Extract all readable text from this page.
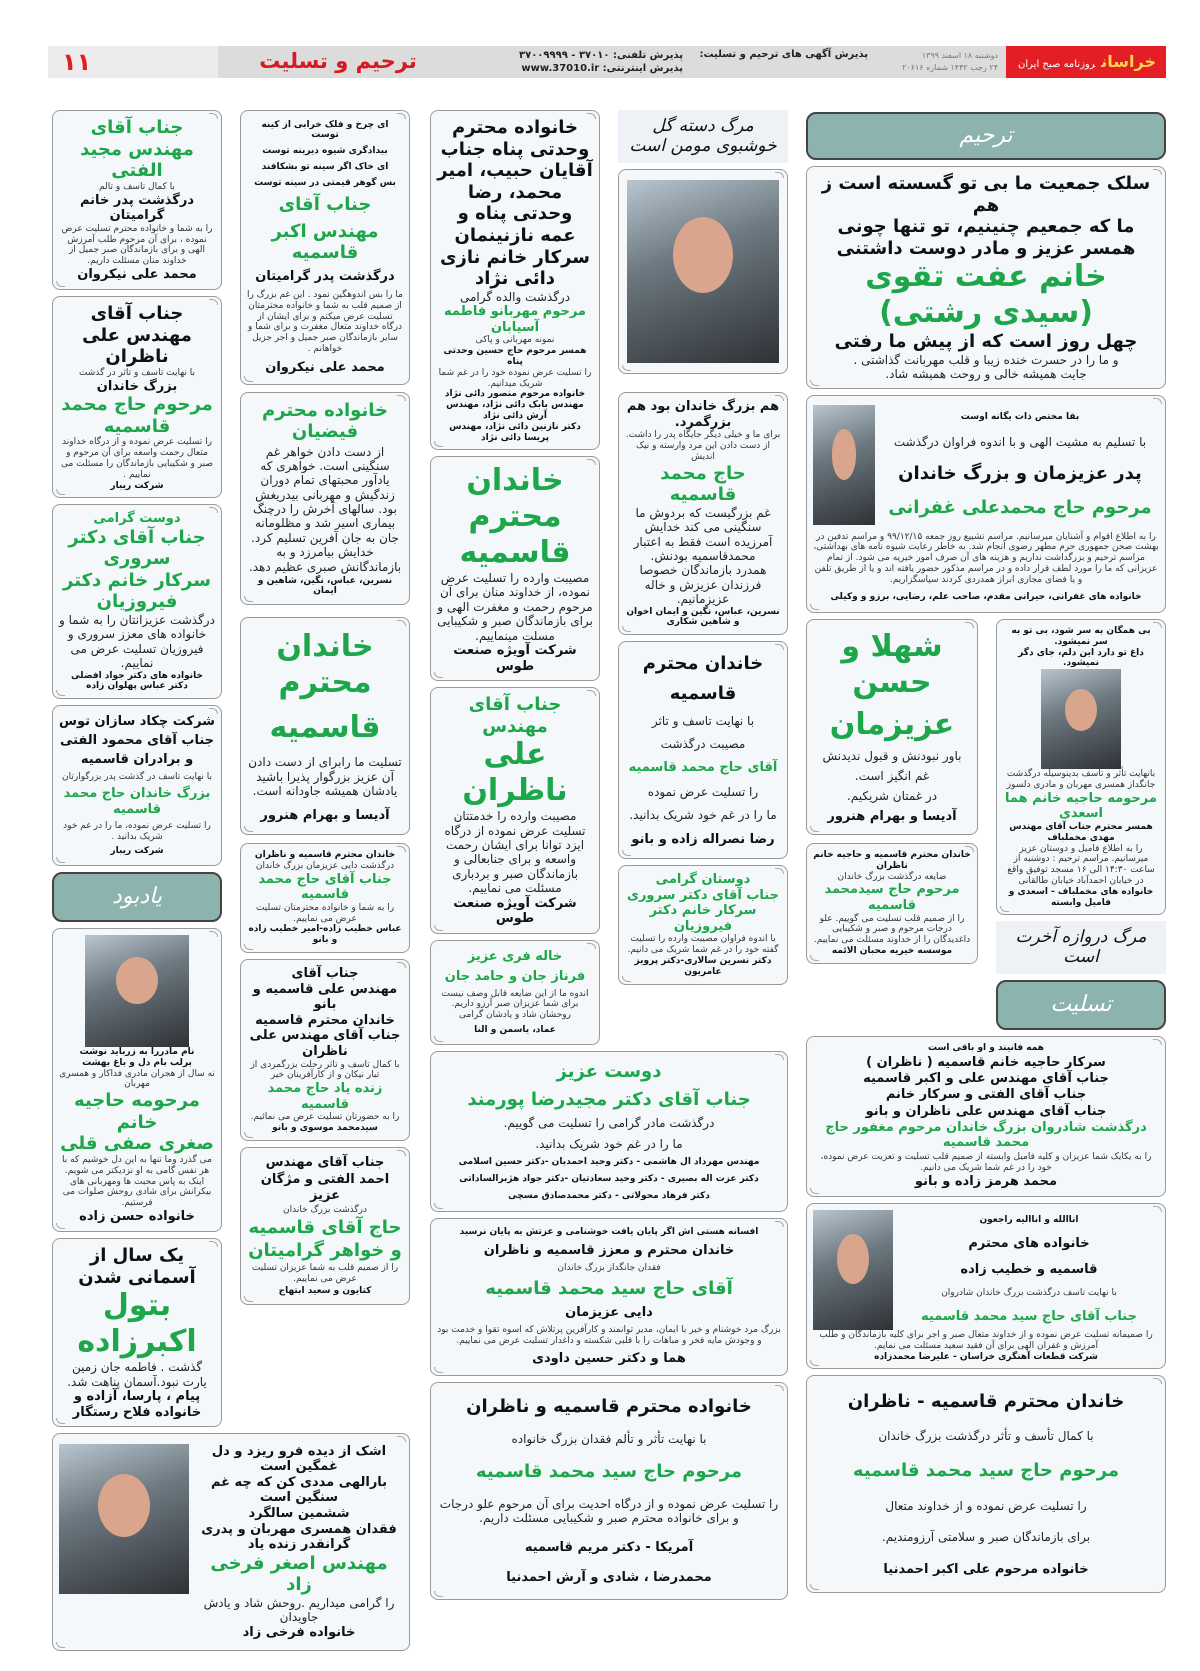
۱۱	ترحیم و تسلیت	پذیرش تلفنی: ۳۷۰۱۰ - ۳۷۰۰۹۹۹۹
پذیرش اینترنتی: www.37010.ir
پذیرش آگهی های ترحیم و تسلیت:	دوشنبه ۱۸ اسفند ۱۳۹۹
۲۴ رجب ۱۴۴۲ شماره ۲۰۶۱۶	خراسانروزنامه صبح ایران
جناب آقای
مهندس مجید الفتی
با کمال تاسف و تالم
درگذشت پدر خانم گرامیتان
را به شما و خانواده محترم تسلیت عرض نموده ، برای آن مرحوم طلب آمرزش الهی و برای بازماندگان صبر جمیل از خداوند منان مسئلت داریم.
محمد علی نیکروان
ای چرخ و فلک خرابی از کینه توست
بیدادگری شیوه دیرینه توست
ای خاک اگر سینه تو بشکافند
بس گوهر قیمتی در سینه توست
جناب آقای
مهندس اکبر قاسمیه
درگذشت پدر گرامیتان
ما را بس اندوهگین نمود . این غم بزرگ را از صمیم قلب به شما و خانواده محترمتان تسلیت عرض میکنم و برای ایشان از درگاه خداوند متعال مغفرت و برای شما و سایر بازماندگان صبر جمیل و اجر جزیل خواهانم .
محمد علی نیکروان
خانواده محترم وحدتی پناه جناب آقایان حبیب، امیر محمد، رضا وحدتی پناه و عمه نازنینمان سرکار خانم نازی دائی نژاد
درگذشت والده گرامی
مرحوم مهربانو فاطمه آسیابان
نمونه مهربانی و پاکی
همسر مرحوم حاج حسین وحدتی پناه
را تسلیت عرض نموده خود را در غم شما شریک میدانیم.
خانواده مرحوم منصور دائی نژاد
مهندس بابک دائی نژاد، مهندس آرش دائی نژاد
دکتر نازنین دائی نژاد، مهندس پریسا دائی نژاد
مرگ دسته گل خوشبوی مومن است	ترحیم
سلک جمعیت ما بی تو گسسته است ز هم
ما که جمعیم چنینیم، تو تنها چونی
همسر عزیز و مادر دوست داشتنی
خانم عفت تقوی (سیدی رشتی)
چهل روز است که از پیش ما رفتی
و ما را در حسرت خنده زیبا و قلب مهربانت گذاشتی .
جایت همیشه خالی و روحت همیشه شاد.
جناب آقای
مهندس علی ناظران
با نهایت تاسف و تاثر در گذشت
بزرگ خاندان
مرحوم حاج محمد قاسمیه
را تسلیت عرض نموده و از درگاه خداوند متعال رحمت واسعه برای آن مرحوم و صبر و شکیبایی بازماندگان را مسئلت می نماییم .
شرکت ریبار
خانواده محترم فیضیان
از دست دادن خواهر غم سنگینی است. خواهری که یادآور محبتهای تمام دوران زندگیش و مهربانی بیدریغش بود. سالهای آخرش را درچنگ بیماری اسیر شد و مظلومانه جان به جان آفرین تسلیم کرد. خدایش بیامرزد و به بازماندگانش صبری عظیم دهد.
نسرین، عباس، نگین، شاهین و ایمان
خاندان محترم
قاسمیه
مصیبت وارده را تسلیت عرض نموده، از خداوند منان برای آن مرحوم رحمت و مغفرت الهی و برای بازماندگان صبر و شکیبایی مسلت مینماییم.
شرکت آویژه صنعت طوس
هم بزرگ خاندان بود هم بزرگمرد.
برای ما و خیلی دیگر جایگاه پدر را داشت.
از دست دادن این مرد وارسته و نیک اندیش
حاج محمد قاسمیه
غم بزرگیست که بردوش ما سنگینی می کند خدایش آمرزیده است فقط به اعتبار محمدقاسمیه بودنش.
همدرد بازماندگان خصوصا فرزندان عزیزش و خاله عزیزمانیم.
نسرین، عباس، نگین و ایمان اخوان و شاهین شکاری
بقا مختص ذات یگانه اوست
با تسلیم به مشیت الهی و با اندوه فراوان درگذشت
پدر عزیزمان و بزرگ خاندان
مرحوم حاج محمدعلی غفرانی
را به اطلاع اقوام و آشنایان میرسانیم. مراسم تشییع روز جمعه ۹۹/۱۲/۱۵ و مراسم تدفین در بهشت صحن جمهوری حرم مطهر رضوی انجام شد. به خاطر رعایت شیوه نامه های بهداشتی، مراسم ترحیم و بزرگداشت نداریم و هزینه های آن صرف امور خیریه می شود. از تمام عزیزانی که ما را مورد لطف قرار داده و در مراسم مذکور حضور یافته اند و یا از طریق تلفن و یا فضای مجازی ابراز همدردی کردند سپاسگزاریم.
خانواده های غفرانی، حیرانی مقدم، صاحب علم، رضایی، برزو و وکیلی
دوست گرامی
جناب آقای دکتر سروری
سرکار خانم دکتر فیروزیان
درگذشت عزیزانتان را به شما و خانواده های معزز سروری و فیروزیان تسلیت عرض می نماییم.
خانواده های دکتر جواد افضلی
دکتر عباس پهلوان زاده
شرکت چکاد سازان توس
جناب آقای محمود الفتی
و برادران قاسمیه
با نهایت تاسف در گذشت پدر بزرگوارتان
بزرگ خاندان حاج محمد قاسمیه
را تسلیت عرض نموده، ما را در غم خود شریک بدانید .
شرکت ریبار
خاندان محترم
قاسمیه
تسلیت ما رابرای از دست دادن آن عزیز بزرگوار پذیرا باشید یادشان همیشه جاودانه است.
آدیسا و بهرام هنرور
جناب آقای مهندس
علی ناظران
مصیبت وارده را خدمتتان تسلیت عرض نموده از درگاه ایزد توانا برای ایشان رحمت واسعه و برای جنابعالی و بازماندگان صبر و بردباری مسئلت می نماییم.
شرکت آویژه صنعت طوس
خاندان محترم
قاسمیه
با نهایت تاسف و تاثر
مصیبت درگذشت
آقای حاج محمد قاسمیه
را تسلیت عرض نموده
ما را در غم خود شریک بدانید.
رضا نصراله زاده و بانو
شهلا و حسن
عزیزمان
باور نبودنش و قبول ندیدنش
غم انگیز است.
در غمتان شریکیم.
آدیسا و بهرام هنرور
بی همگان به سر شود، بی تو به سر نمیشود.
داغ تو دارد این دلم، جای دگر نمیشود.
بانهایت تأثر و تأسف بدینوسیله درگذشت جانگداز همسری مهربان و مادری دلسوز
مرحومه حاجیه خانم هما اسعدی
همسر محترم جناب آقای مهندس مهدی مخملباف
را به اطلاع فامیل و دوستان عزیز میرسانیم. مراسم ترحیم : دوشنبه از ساعت ۱۴:۳۰ الی ۱۶ مسجد توفیق واقع در خیابان احمدآباد خیابان طالقانی
خانواده های مخملباف - اسعدی و فامیل وابسته
یادبود
نام مادررا به زربايد نوشت
برلب بام دل و باغ بهشت
نه سال از هجران مادری فداکار و همسری مهربان
مرحومه حاجیه خانم
صغری صفی قلی
می گذرد وما تنها به این دل خوشیم که با هر نفس گامی به او نزدیکتر می شویم. اینک به پاس محبت ها ومهربانی های بیکرانش برای شادی روحش صلوات می فرستیم.
خانواده حسن زاده
خاندان محترم قاسمیه و ناظران
درگذشت دایی عزیزمان بزرگ خاندان
جناب آقای حاج محمد قاسمیه
را به شما و خانواده محترمتان تسلیت عرض می نماییم.
عباس خطیب زاده-امیر خطیب زاده و بانو
خاله فری عزیز
فرناز جان و حامد جان
اندوه ما از این ضایعه قابل وصف نیست برای شما عزیزان صبر آرزو داریم. روحشان شاد و یادشان گرامی
عماد، یاسمن و النا
دوستان گرامی
جناب آقای دکتر سروری
سرکار خانم دکتر فیروزیان
با اندوه فراوان مصیبت وارده را تسلیت گفته خود را در غم شما شریک می دانیم.
دکتر نسرین سالاری-دکتر پرویز عامریون
خاندان محترم قاسمیه و حاجیه خانم ناظران
ضایعه درگذشت بزرگ خاندان
مرحوم حاج سیدمحمد قاسمیه
را از صمیم قلب تسلیت می گوییم. علو درجات مرحوم و صبر و شکیبایی داغدیدگان را از خداوند مسئلت می نماییم.
موسسه خیریه محبان الائمه
مرگ دروازه آخرت است
تسلیت
جناب آقای
مهندس علی قاسمیه و بانو
خاندان محترم قاسمیه
جناب آقای مهندس علی ناظران
با کمال تاسف و تاثر رحلت بزرگمردی از تبار نیکان و از کارآفرینان خیر
زنده یاد حاج محمد قاسمیه
را به حضورتان تسلیت عرض می نمائیم.
سیدمحمد موسوی و بانو
دوست عزیز
جناب آقای دکتر مجیدرضا پورمند
درگذشت مادر گرامی را تسلیت می گوییم.
ما را در غم خود شریک بدانید.
مهندس مهرداد ال هاشمی - دکتر وحید احمدیان -دکتر حسین اسلامی
دکتر عزت اله بصیری - دکتر وحید سعادتیان -دکتر جواد هژبرالساداتی
دکتر فرهاد محولاتی - دکتر محمدصادق مسچی
همه فانیند و او باقی است
سرکار حاجیه خانم قاسمیه ( ناظران )
جناب آقای مهندس علی و اکبر قاسمیه
جناب آقای الفتی و سرکار خانم
جناب آقای مهندس علی ناظران و بانو
درگذشت شادروان بزرگ خاندان مرحوم مغفور حاج محمد قاسمیه
را به یکایک شما عزیزان و کلیه فامیل وابسته از صمیم قلب تسلیت و تعزیت عرض نموده، خود را در غم شما شریک می دانیم.
محمد هرمز زاده و بانو
یک سال از آسمانی شدن
بتول اکبرزاده
گذشت . فاطمه جان زمین یارت نبود.آسمان پناهت شد.
پیام ، پارسا، آزاده و
خانواده فلاح رستگار
جناب آقای مهندس
احمد الفتی و مژگان عزیز
درگذشت بزرگ خاندان
حاج آقای قاسمیه
و خواهر گرامیتان
را از صمیم قلب به شما عزیزان تسلیت عرض می نماییم.
کتایون و سعید ابتهاج
افسانه هستی اش اگر پایان یافت خوشنامی و عزتش به پایان نرسید
خاندان محترم و معزز قاسمیه و ناظران
فقدان جانگداز بزرگ خاندان
آقای حاج سید محمد قاسمیه
دایی عزیزمان
بزرگ مرد خوشنام و خیر با ایمان، مدیر توانمند و کارآفرین پرتلاش که اسوه تقوا و خدمت بود و وجودش مایه فخر و مباهات را با قلبی شکسته و داغدار تسلیت عرض می نماییم.
هما و دکتر حسین داودی
اناالله و اناالیه راجعون
خانواده های محترم
قاسمیه و خطیب زاده
با نهایت تاسف درگذشت بزرگ خاندان شادروان
جناب آقای حاج سید محمد قاسمیه
را صمیمانه تسلیت عرض نموده و از خداوند متعال صبر و اجر برای کلیه بازماندگان و طلب آمرزش و غفران الهی برای آن فقید سعید مسئلت می نمایم.
شرکت قطعات آهنگری خراسان - علیرضا محمدزاده
اشک از دیده فرو ریزد و دل غمگین است
بارالهی مددی کن که چه غم سنگین است
ششمین سالگرد
فقدان همسری مهربان و پدری
گرانقدر زنده یاد
مهندس اصغر فرخی زاد
را گرامی میداریم .روحش شاد و یادش جاویدان
خانواده فرخی زاد
خانواده محترم قاسمیه و ناظران
با نهایت تأثر و تألم فقدان بزرگ خانواده
مرحوم حاج سید محمد قاسمیه
را تسلیت عرض نموده و از درگاه احدیت برای آن مرحوم علو درجات و برای خانواده محترم صبر و شکیبایی مسئلت داریم.
آمریکا - دکتر مریم قاسمیه
محمدرضا ، شادی و آرش احمدنیا
خاندان محترم قاسمیه - ناظران
با کمال تأسف و تأثر درگذشت بزرگ خاندان
مرحوم حاج سید محمد قاسمیه
را تسلیت عرض نموده و از خداوند متعال
برای بازماندگان صبر و سلامتی آرزومندیم.
خانواده مرحوم علی اکبر احمدنیا
